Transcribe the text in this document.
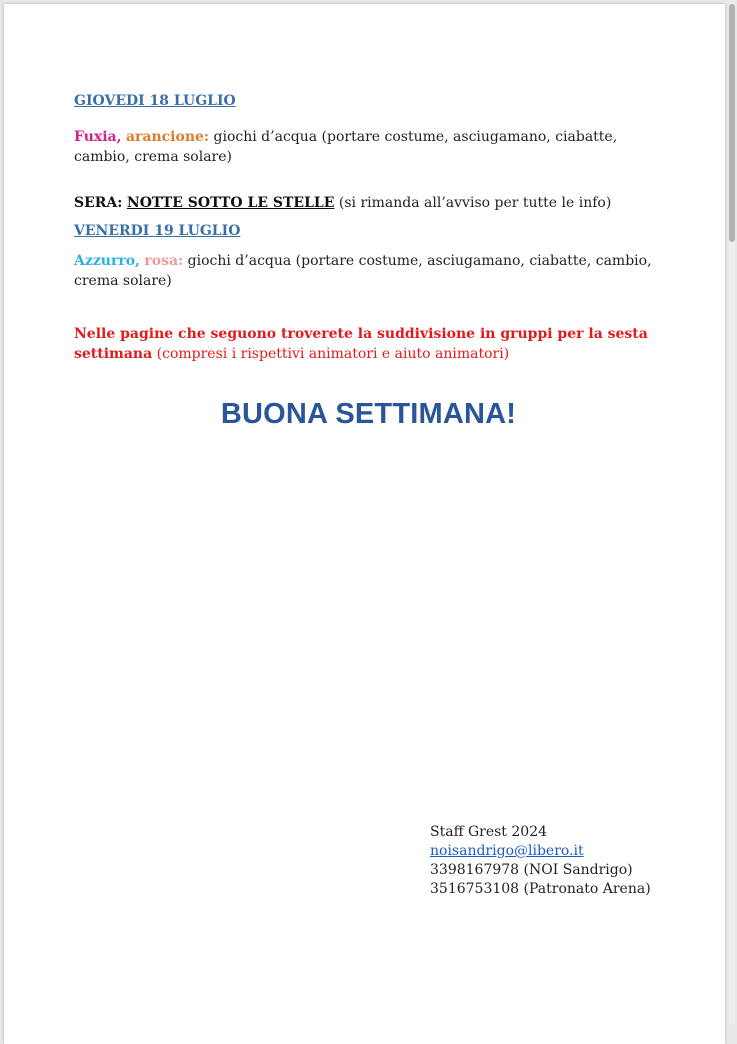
GIOVEDI 18 LUGLIO
Fuxia, arancione: giochi d’acqua (portare costume, asciugamano, ciabatte,
cambio, crema solare)
SERA: NOTTE SOTTO LE STELLE (si rimanda all’avviso per tutte le info)
VENERDI 19 LUGLIO
Azzurro, rosa: giochi d’acqua (portare costume, asciugamano, ciabatte, cambio,
crema solare)
Nelle pagine che seguono troverete la suddivisione in gruppi per la sesta
settimana (compresi i rispettivi animatori e aiuto animatori)
BUONA SETTIMANA!
Staff Grest 2024
noisandrigo@libero.it
3398167978 (NOI Sandrigo)
3516753108 (Patronato Arena)
